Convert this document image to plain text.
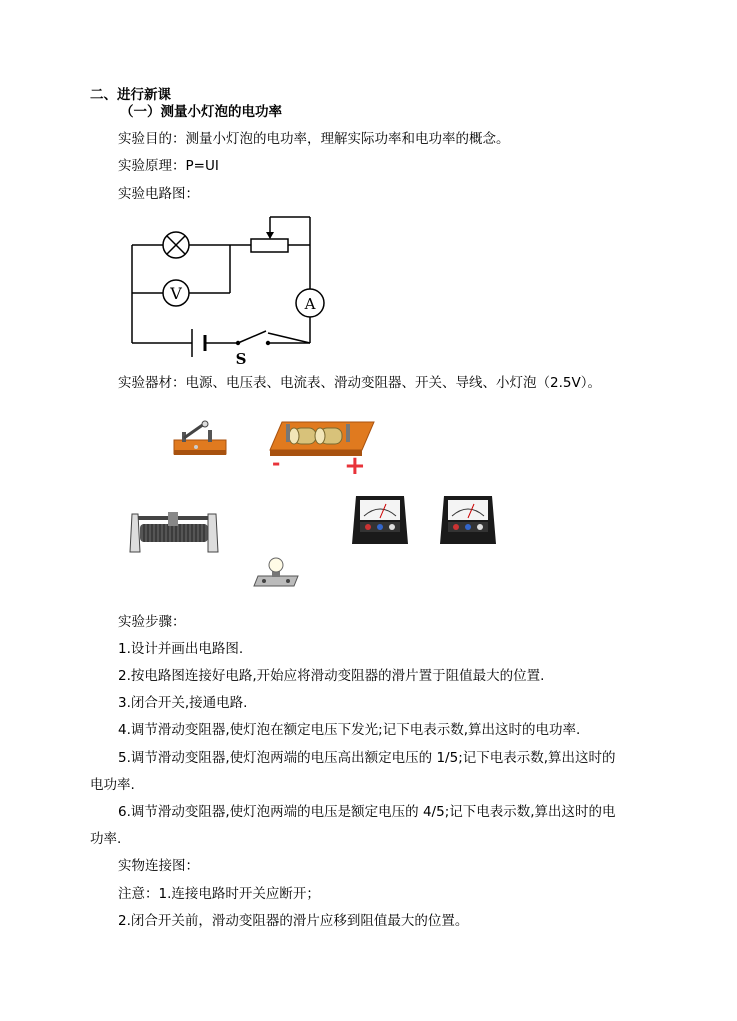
二、进行新课
（一）测量小灯泡的电功率
实验目的：测量小灯泡的电功率，理解实际功率和电功率的概念。
实验原理：P=UI
实验电路图：
V
A
S
实验器材：电源、电压表、电流表、滑动变阻器、开关、导线、小灯泡（2.5V）。
- +
实验步骤：
1.设计并画出电路图.
2.按电路图连接好电路,开始应将滑动变阻器的滑片置于阻值最大的位置.
3.闭合开关,接通电路.
4.调节滑动变阻器,使灯泡在额定电压下发光;记下电表示数,算出这时的电功率.
5.调节滑动变阻器,使灯泡两端的电压高出额定电压的 1/5;记下电表示数,算出这时的
电功率.
6.调节滑动变阻器,使灯泡两端的电压是额定电压的 4/5;记下电表示数,算出这时的电
功率.
实物连接图：
注意：1.连接电路时开关应断开；
2.闭合开关前，滑动变阻器的滑片应移到阻值最大的位置。
